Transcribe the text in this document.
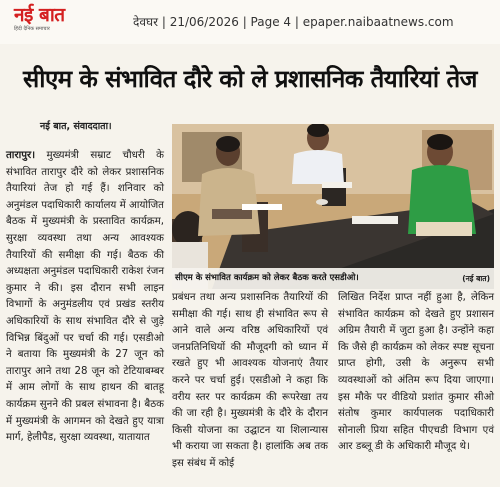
नई बात
हिंदी दैनिक समाचार	देवघर | 21/06/2026 | Page 4 | epaper.naibaatnews.com
सीएम के संभावित दौरे को ले प्रशासनिक तैयारियां तेज
नई बात, संवाददाता।
तारापुर। मुख्यमंत्री सम्राट चौधरी के संभावित तारापुर दौरे को लेकर प्रशासनिक तैयारियां तेज हो गई हैं। शनिवार को अनुमंडल पदाधिकारी कार्यालय में आयोजित बैठक में मुख्यमंत्री के प्रस्तावित कार्यक्रम, सुरक्षा व्यवस्था तथा अन्य आवश्यक तैयारियों की समीक्षा की गई। बैठक की अध्यक्षता अनुमंडल पदाधिकारी राकेश रंजन कुमार ने की। इस दौरान सभी लाइन विभागों के अनुमंडलीय एवं प्रखंड स्तरीय अधिकारियों के साथ संभावित दौरे से जुड़े विभिन्न बिंदुओं पर चर्चा की गई। एसडीओ ने बताया कि मुख्यमंत्री के 27 जून को तारापुर आने तथा 28 जून को टेटियाबम्बर में आम लोगों के साथ हाथन की बातहू कार्यक्रम सुनने की प्रबल संभावना है। बैठक में मुख्यमंत्री के आगमन को देखते हुए यात्रा मार्ग, हेलीपैड, सुरक्षा व्यवस्था, यातायात
सीएम के संभावित कार्यक्रम को लेकर बैठक करते एसडीओ।	(नई बात)
प्रबंधन तथा अन्य प्रशासनिक तैयारियों की समीक्षा की गई। साथ ही संभावित रूप से आने वाले अन्य वरिष्ठ अधिकारियों एवं जनप्रतिनिधियों की मौजूदगी को ध्यान में रखते हुए भी आवश्यक योजनाएं तैयार करने पर चर्चा हुई। एसडीओ ने कहा कि वरीय स्तर पर कार्यक्रम की रूपरेखा तय की जा रही है। मुख्यमंत्री के दौरे के दौरान किसी योजना का उद्घाटन या शिलान्यास भी कराया जा सकता है। हालांकि अब तक इस संबंध में कोई
लिखित निर्देश प्राप्त नहीं हुआ है, लेकिन संभावित कार्यक्रम को देखते हुए प्रशासन अग्रिम तैयारी में जुटा हुआ है। उन्होंने कहा कि जैसे ही कार्यक्रम को लेकर स्पष्ट सूचना प्राप्त होगी, उसी के अनुरूप सभी व्यवस्थाओं को अंतिम रूप दिया जाएगा। इस मौके पर वीडियो प्रशांत कुमार सीओ संतोष कुमार कार्यपालक पदाधिकारी सोनाली प्रिया सहित पीएचडी विभाग एवं आर डब्लू डी के अधिकारी मौजूद थे।
